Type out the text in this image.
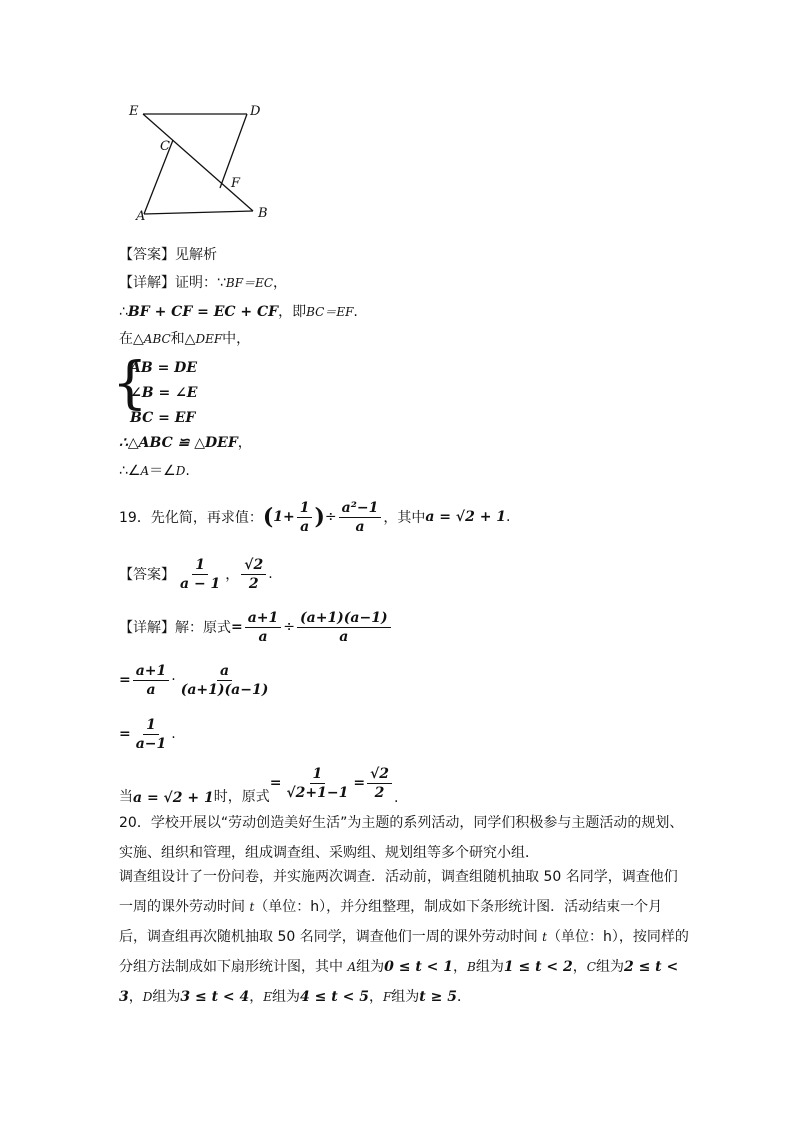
E	D
C
F
A	B
【答案】见解析
【详解】证明：∵BF＝EC，
∴BF + CF = EC + CF，即BC＝EF.
在△ABC和△DEF中，
{
AB = DE
∠B = ∠E
BC = EF
∴△ABC ≌ △DEF，
∴∠A＝∠D.
19．先化简，再求值： ( $1+ \frac{1}{a}$ ) ÷ $\frac{\text{a²−1}}{a}$ ，其中 a = √2 + 1 .
【答案】 $\frac{1}{a - 1}$ ， $\frac{√2}{2}$ .
【详解】 解：原式 = $\frac{a+1}{a} \div \frac{(a+1)(a-1)}{a}$
= $\frac{a+1}{a} \cdot \frac{a}{(a+1)(a-1)}$
= $\frac{1}{a-1}$ .
当 a = √2 + 1 时，原式
= $\frac{1}{√2+1-1} = \frac{√2}{2}$ .
20．学校开展以“劳动创造美好生活”为主题的系列活动，同学们积极参与主题活动的规划、实施、组织和管理，组成调查组、采购组、规划组等多个研究小组．
调查组设计了一份问卷，并实施两次调查．活动前，调查组随机抽取 50 名同学，调查他们一周的课外劳动时间 t（单位：h），并分组整理，制成如下条形统计图．活动结束一个月后，调查组再次随机抽取 50 名同学，调查他们一周的课外劳动时间 t（单位：h），按同样的分组方法制成如下扇形统计图，其中 A组为0 ≤ t < 1，B组为1 ≤ t < 2，C组为2 ≤ t < 3，D组为3 ≤ t < 4，E组为4 ≤ t < 5，F组为t ≥ 5．
